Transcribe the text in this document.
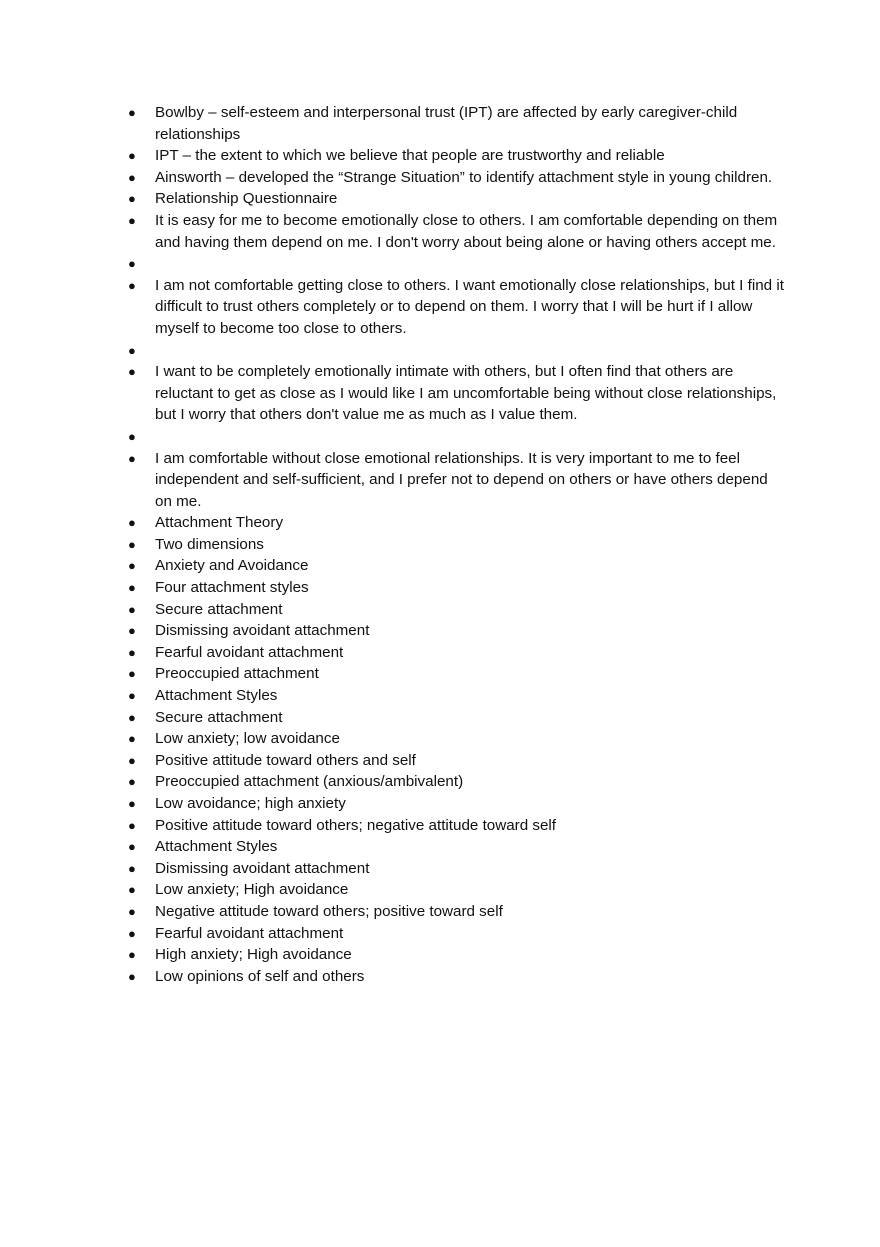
● Bowlby – self-esteem and interpersonal trust (IPT) are affected by early caregiver-child relationships
● IPT – the extent to which we believe that people are trustworthy and reliable
● Ainsworth – developed the “Strange Situation” to identify attachment style in young children.
● Relationship Questionnaire
● It is easy for me to become emotionally close to others. I am comfortable depending on them and having them depend on me. I don't worry about being alone or having others accept me.
●
● I am not comfortable getting close to others. I want emotionally close relationships, but I find it difficult to trust others completely or to depend on them. I worry that I will be hurt if I allow myself to become too close to others.
●
● I want to be completely emotionally intimate with others, but I often find that others are reluctant to get as close as I would like I am uncomfortable being without close relationships, but I worry that others don't value me as much as I value them.
●
● I am comfortable without close emotional relationships. It is very important to me to feel independent and self-sufficient, and I prefer not to depend on others or have others depend on me.
● Attachment Theory
● Two dimensions
● Anxiety and Avoidance
● Four attachment styles
● Secure attachment
● Dismissing avoidant attachment
● Fearful avoidant attachment
● Preoccupied attachment
● Attachment Styles
● Secure attachment
● Low anxiety; low avoidance
● Positive attitude toward others and self
● Preoccupied attachment (anxious/ambivalent)
● Low avoidance; high anxiety
● Positive attitude toward others; negative attitude toward self
● Attachment Styles
● Dismissing avoidant attachment
● Low anxiety; High avoidance
● Negative attitude toward others; positive toward self
● Fearful avoidant attachment
● High anxiety; High avoidance
● Low opinions of self and others
